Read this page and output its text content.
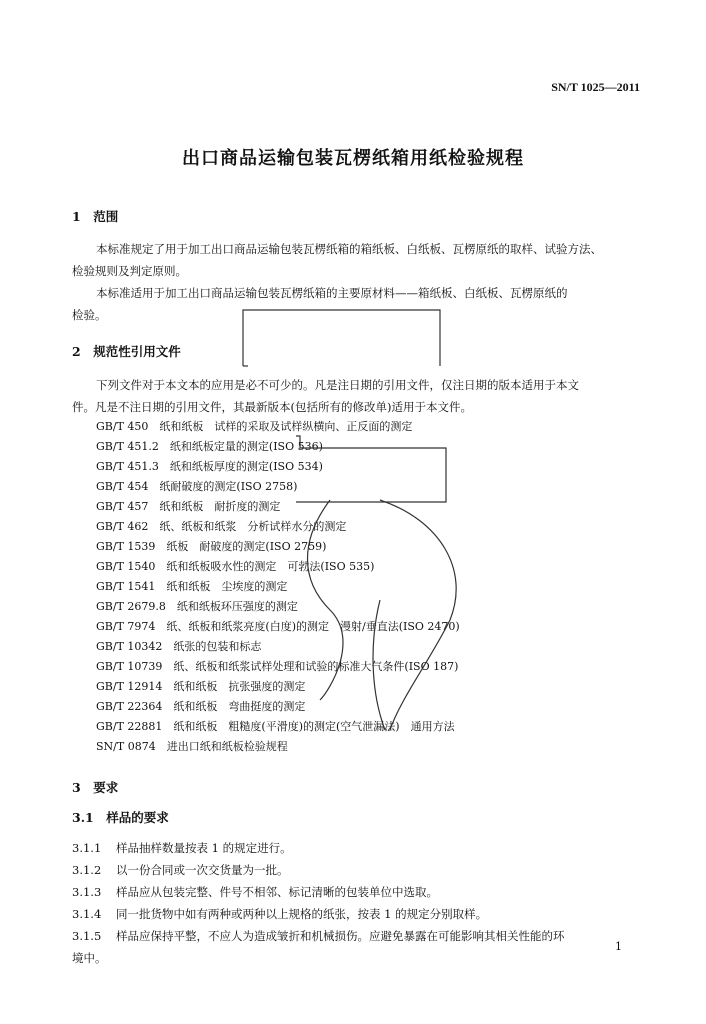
SN/T 1025—2011
出口商品运输包装瓦楞纸箱用纸检验规程
1　范围
本标准规定了用于加工出口商品运输包装瓦楞纸箱的箱纸板、白纸板、瓦楞原纸的取样、试验方法、
检验规则及判定原则。
本标准适用于加工出口商品运输包装瓦楞纸箱的主要原材料——箱纸板、白纸板、瓦楞原纸的
检验。
2　规范性引用文件
下列文件对于本文本的应用是必不可少的。凡是注日期的引用文件，仅注日期的版本适用于本文
件。凡是不注日期的引用文件，其最新版本(包括所有的修改单)适用于本文件。
GB/T 450　纸和纸板　试样的采取及试样纵横向、正反面的测定
GB/T 451.2　纸和纸板定量的测定(ISO 536)
GB/T 451.3　纸和纸板厚度的测定(ISO 534)
GB/T 454　纸耐破度的测定(ISO 2758)
GB/T 457　纸和纸板　耐折度的测定
GB/T 462　纸、纸板和纸浆　分析试样水分的测定
GB/T 1539　纸板　耐破度的测定(ISO 2759)
GB/T 1540　纸和纸板吸水性的测定　可勃法(ISO 535)
GB/T 1541　纸和纸板　尘埃度的测定
GB/T 2679.8　纸和纸板环压强度的测定
GB/T 7974　纸、纸板和纸浆亮度(白度)的测定　漫射/垂直法(ISO 2470)
GB/T 10342　纸张的包装和标志
GB/T 10739　纸、纸板和纸浆试样处理和试验的标准大气条件(ISO 187)
GB/T 12914　纸和纸板　抗张强度的测定
GB/T 22364　纸和纸板　弯曲挺度的测定
GB/T 22881　纸和纸板　粗糙度(平滑度)的测定(空气泄漏法)　通用方法
SN/T 0874　进出口纸和纸板检验规程
3　要求
3.1　样品的要求
3.1.1 样品抽样数量按表 1 的规定进行。
3.1.2 以一份合同或一次交货量为一批。
3.1.3 样品应从包装完整、件号不相邻、标记清晰的包装单位中选取。
3.1.4 同一批货物中如有两种或两种以上规格的纸张，按表 1 的规定分别取样。
3.1.5 样品应保持平整，不应人为造成皱折和机械损伤。应避免暴露在可能影响其相关性能的环
境中。
1
